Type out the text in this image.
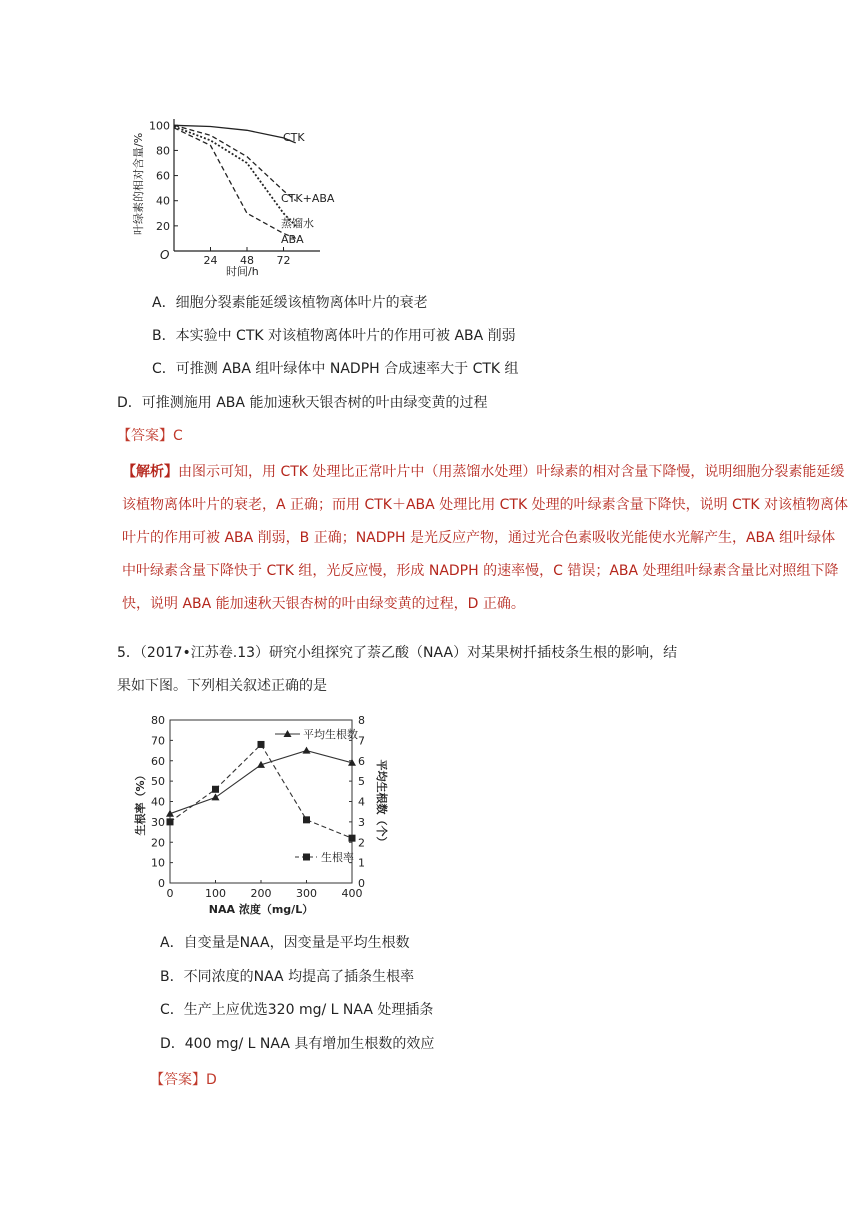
叶绿素的相对含量/% 20
40
60
80
100
24 48 72
O
CTK
CTK+ABA
蒸馏水
ABA
时间/h
A．细胞分裂素能延缓该植物离体叶片的衰老
B．本实验中 CTK 对该植物离体叶片的作用可被 ABA 削弱
C．可推测 ABA 组叶绿体中 NADPH 合成速率大于 CTK 组
D．可推测施用 ABA 能加速秋天银杏树的叶由绿变黄的过程
【答案】C
【解析】由图示可知，用 CTK 处理比正常叶片中（用蒸馏水处理）叶绿素的相对含量下降慢，说明细胞分裂素能延缓该植物离体叶片的衰老，A 正确；而用 CTK＋ABA 处理比用 CTK 处理的叶绿素含量下降快，说明 CTK 对该植物离体叶片的作用可被 ABA 削弱，B 正确；NADPH 是光反应产物，通过光合色素吸收光能使水光解产生，ABA 组叶绿体中叶绿素含量下降快于 CTK 组，光反应慢，形成 NADPH 的速率慢，C 错误；ABA 处理组叶绿素含量比对照组下降快，说明 ABA 能加速秋天银杏树的叶由绿变黄的过程，D 正确。
5．（2017•江苏卷.13）研究小组探究了萘乙酸（NAA）对某果树扦插枝条生根的影响，结
果如下图。下列相关叙述正确的是
0
10
20
30
40
50
60
70
80
0
1
2
3
4
5
6
7
8
0	100 200 300 400
生根率（%）	平均生根数（个）
NAA 浓度（mg/L）
平均生根数
生根率
A．自变量是NAA，因变量是平均生根数
B．不同浓度的NAA 均提高了插条生根率
C．生产上应优选320 mg/ L NAA 处理插条
D．400 mg/ L NAA 具有增加生根数的效应
【答案】D
